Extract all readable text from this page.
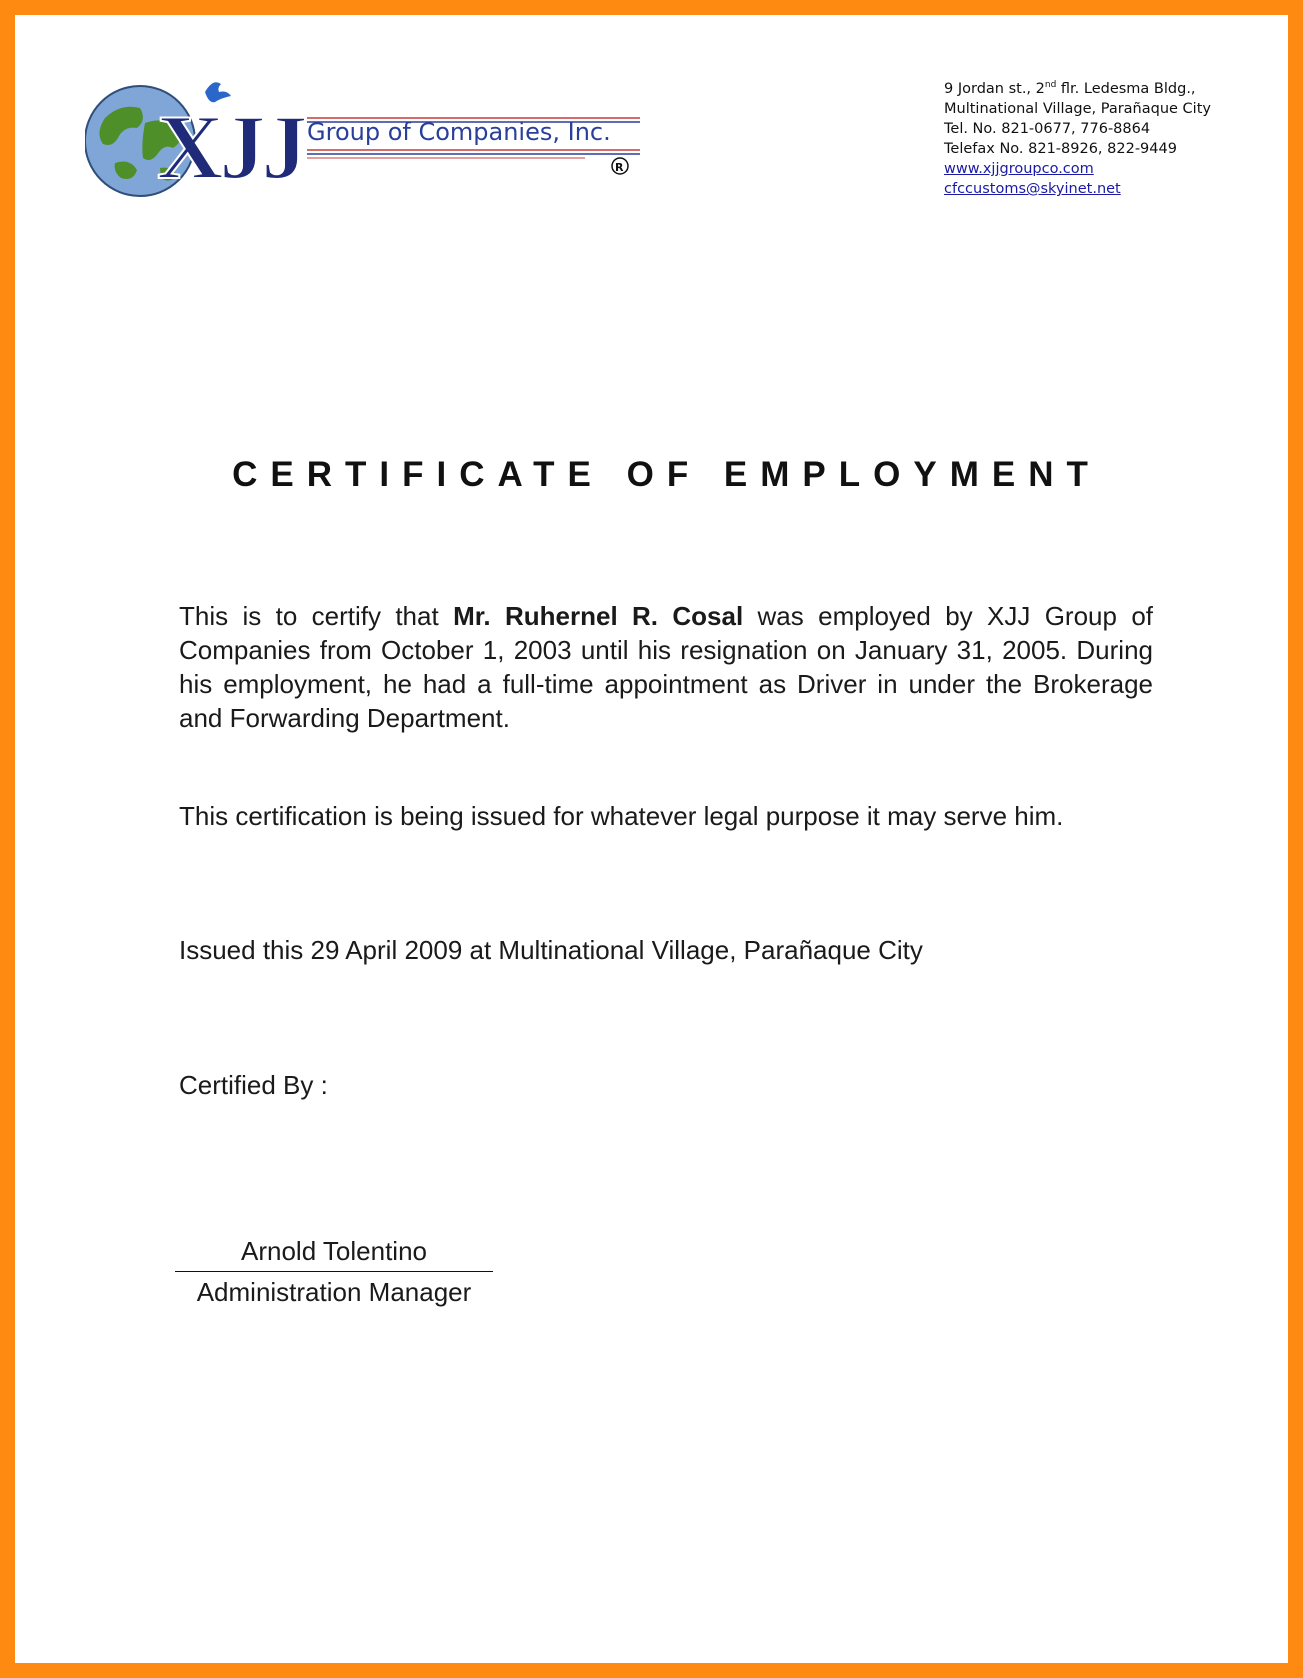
XJJ Group of Companies, Inc.
R
9 Jordan st., 2nd flr. Ledesma Bldg.,
Multinational Village, Parañaque City
Tel. No. 821-0677, 776-8864
Telefax No. 821-8926, 822-9449
www.xjjgroupco.com
cfccustoms@skyinet.net
CERTIFICATE OF EMPLOYMENT
This is to certify that Mr. Ruhernel R. Cosal was employed by XJJ Group of Companies from October 1, 2003 until his resignation on January 31, 2005. During his employment, he had a full-time appointment as Driver in under the Brokerage and Forwarding Department.
This certification is being issued for whatever legal purpose it may serve him.
Issued this 29 April 2009 at Multinational Village, Parañaque City
Certified By :
Arnold Tolentino
Administration Manager
